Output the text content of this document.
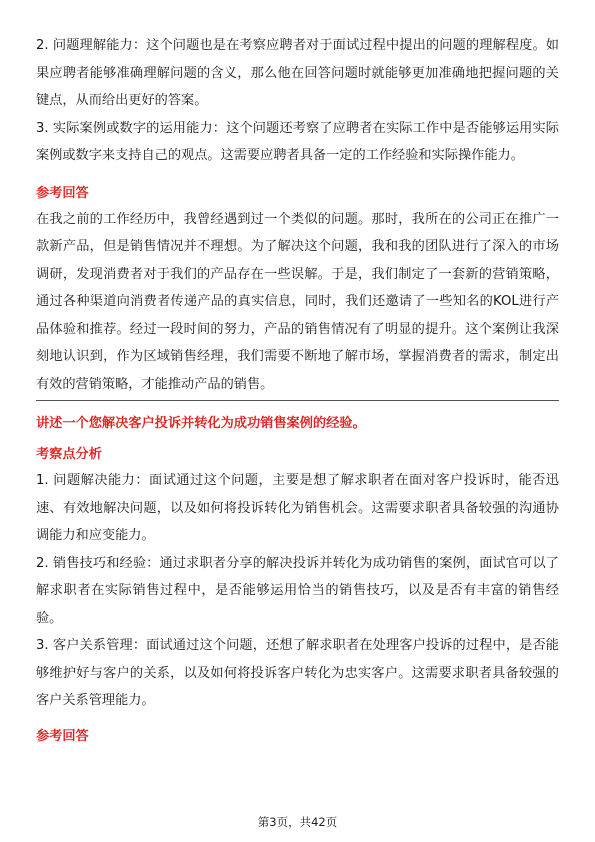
2. 问题理解能力：这个问题也是在考察应聘者对于面试过程中提出的问题的理解程度。如果应聘者能够准确理解问题的含义，那么他在回答问题时就能够更加准确地把握问题的关键点，从而给出更好的答案。

3. 实际案例或数字的运用能力：这个问题还考察了应聘者在实际工作中是否能够运用实际案例或数字来支持自己的观点。这需要应聘者具备一定的工作经验和实际操作能力。

参考回答

在我之前的工作经历中，我曾经遇到过一个类似的问题。那时，我所在的公司正在推广一款新产品，但是销售情况并不理想。为了解决这个问题，我和我的团队进行了深入的市场调研，发现消费者对于我们的产品存在一些误解。于是，我们制定了一套新的营销策略，通过各种渠道向消费者传递产品的真实信息，同时，我们还邀请了一些知名的KOL进行产品体验和推荐。经过一段时间的努力，产品的销售情况有了明显的提升。这个案例让我深刻地认识到，作为区域销售经理，我们需要不断地了解市场，掌握消费者的需求，制定出有效的营销策略，才能推动产品的销售。

讲述一个您解决客户投诉并转化为成功销售案例的经验。
考察点分析

1. 问题解决能力：面试通过这个问题，主要是想了解求职者在面对客户投诉时，能否迅速、有效地解决问题，以及如何将投诉转化为销售机会。这需要求职者具备较强的沟通协调能力和应变能力。

2. 销售技巧和经验：通过求职者分享的解决投诉并转化为成功销售的案例，面试官可以了解求职者在实际销售过程中，是否能够运用恰当的销售技巧，以及是否有丰富的销售经验。

3. 客户关系管理：面试通过这个问题，还想了解求职者在处理客户投诉的过程中，是否能够维护好与客户的关系，以及如何将投诉客户转化为忠实客户。这需要求职者具备较强的客户关系管理能力。

参考回答
第3页，共42页
